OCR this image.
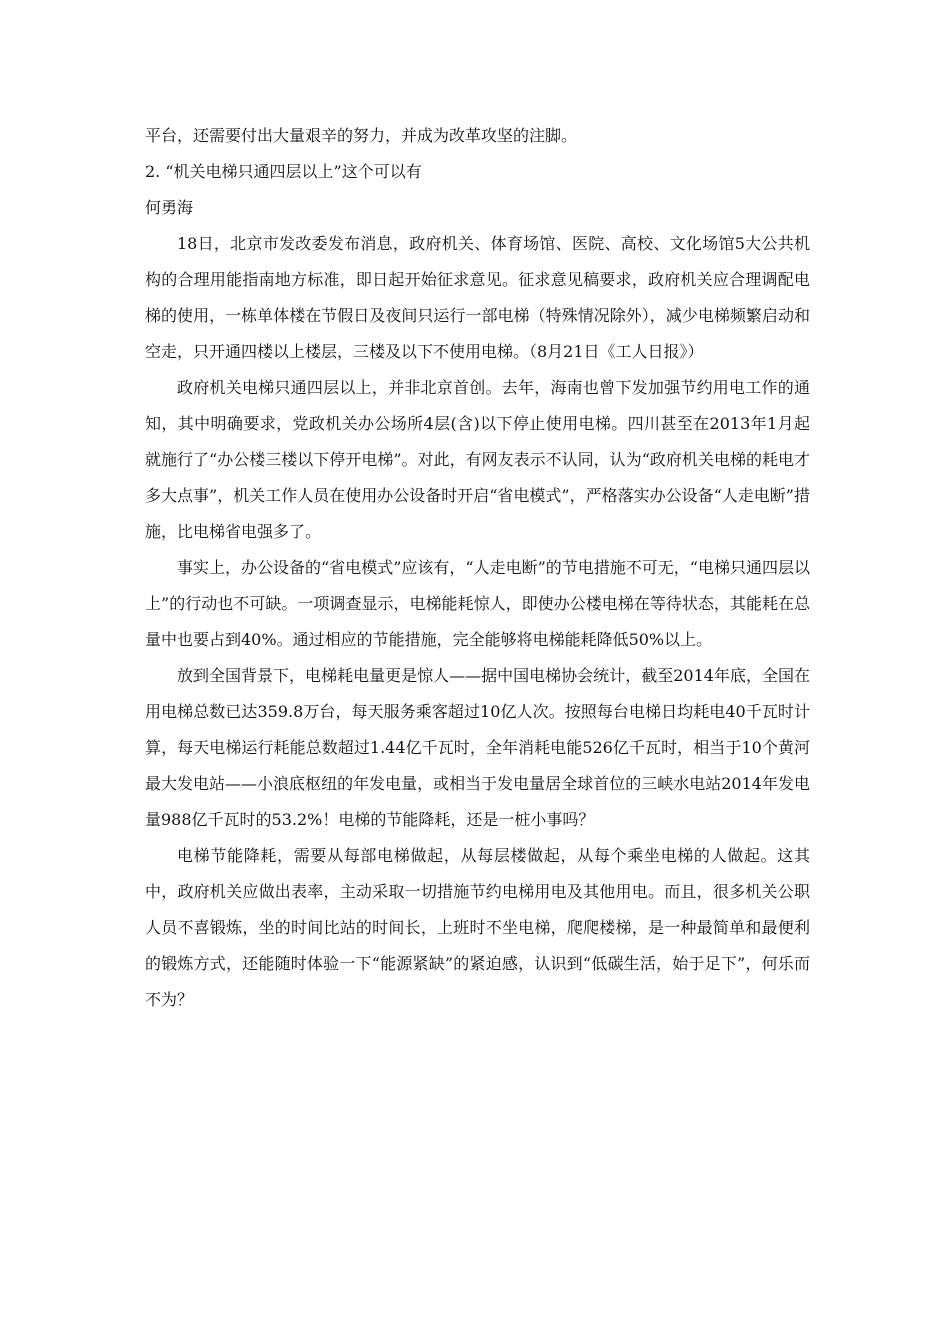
平台，还需要付出大量艰辛的努力，并成为改革攻坚的注脚。

2. “机关电梯只通四层以上”这个可以有

何勇海

18日，北京市发改委发布消息，政府机关、体育场馆、医院、高校、文化场馆5大公共机构的合理用能指南地方标准，即日起开始征求意见。征求意见稿要求，政府机关应合理调配电梯的使用，一栋单体楼在节假日及夜间只运行一部电梯（特殊情况除外），减少电梯频繁启动和空走，只开通四楼以上楼层，三楼及以下不使用电梯。（8月21日《工人日报》）

政府机关电梯只通四层以上，并非北京首创。去年，海南也曾下发加强节约用电工作的通知，其中明确要求，党政机关办公场所4层(含)以下停止使用电梯。四川甚至在2013年1月起就施行了“办公楼三楼以下停开电梯”。对此，有网友表示不认同，认为“政府机关电梯的耗电才多大点事”，机关工作人员在使用办公设备时开启“省电模式”，严格落实办公设备“人走电断”措施，比电梯省电强多了。

事实上，办公设备的“省电模式”应该有，“人走电断”的节电措施不可无，“电梯只通四层以上”的行动也不可缺。一项调查显示，电梯能耗惊人，即使办公楼电梯在等待状态，其能耗在总量中也要占到40%。通过相应的节能措施，完全能够将电梯能耗降低50%以上。

放到全国背景下，电梯耗电量更是惊人——据中国电梯协会统计，截至2014年底，全国在用电梯总数已达359.8万台，每天服务乘客超过10亿人次。按照每台电梯日均耗电40千瓦时计算，每天电梯运行耗能总数超过1.44亿千瓦时，全年消耗电能526亿千瓦时，相当于10个黄河最大发电站——小浪底枢纽的年发电量，或相当于发电量居全球首位的三峡水电站2014年发电量988亿千瓦时的53.2%！电梯的节能降耗，还是一桩小事吗？

电梯节能降耗，需要从每部电梯做起，从每层楼做起，从每个乘坐电梯的人做起。这其中，政府机关应做出表率，主动采取一切措施节约电梯用电及其他用电。而且，很多机关公职人员不喜锻炼，坐的时间比站的时间长，上班时不坐电梯，爬爬楼梯，是一种最简单和最便利的锻炼方式，还能随时体验一下“能源紧缺”的紧迫感，认识到“低碳生活，始于足下”，何乐而不为？
